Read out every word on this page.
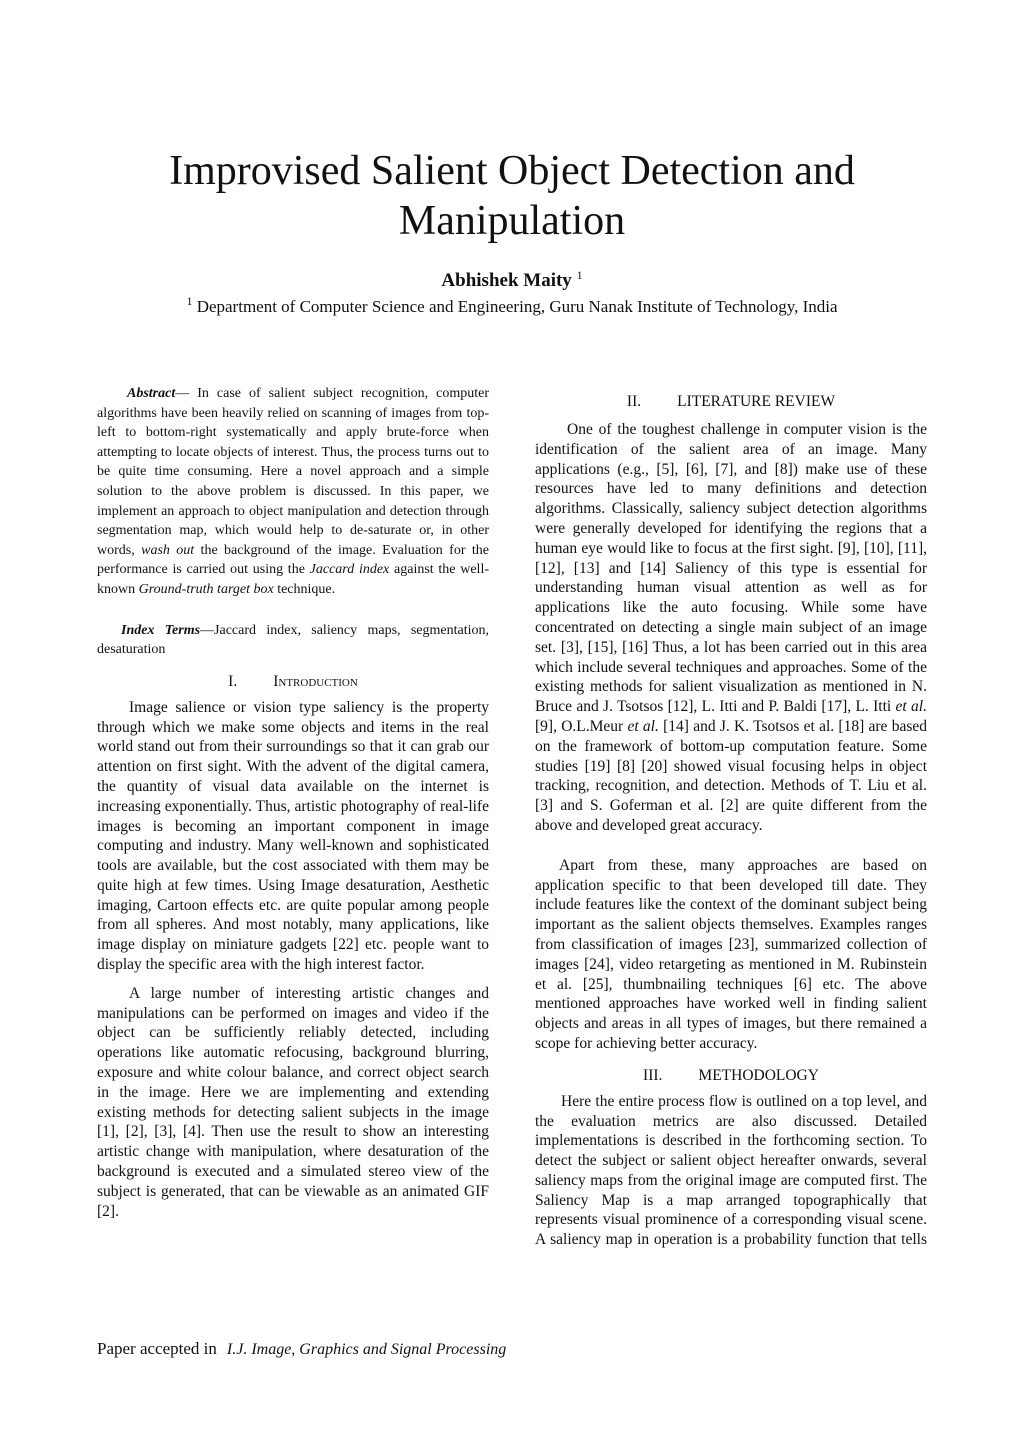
Improvised Salient Object Detection and Manipulation
Abhishek Maity $^1$
$^1$ Department of Computer Science and Engineering, Guru Nanak Institute of Technology, India

Abstract— In case of salient subject recognition, computer algorithms have been heavily relied on scanning of images from top-left to bottom-right systematically and apply brute-force when attempting to locate objects of interest. Thus, the process turns out to be quite time consuming. Here a novel approach and a simple solution to the above problem is discussed. In this paper, we implement an approach to object manipulation and detection through segmentation map, which would help to de-saturate or, in other words, wash out the background of the image. Evaluation for the performance is carried out using the Jaccard index against the well-known Ground-truth target box technique.

Index Terms—Jaccard index, saliency maps, segmentation, desaturation

I. Introduction

Image salience or vision type saliency is the property through which we make some objects and items in the real world stand out from their surroundings so that it can grab our attention on first sight. With the advent of the digital camera, the quantity of visual data available on the internet is increasing exponentially. Thus, artistic photography of real-life images is becoming an important component in image computing and industry. Many well-known and sophisticated tools are available, but the cost associated with them may be quite high at few times. Using Image desaturation, Aesthetic imaging, Cartoon effects etc. are quite popular among people from all spheres. And most notably, many applications, like image display on miniature gadgets [22] etc. people want to display the specific area with the high interest factor.

A large number of interesting artistic changes and manipulations can be performed on images and video if the object can be sufficiently reliably detected, including operations like automatic refocusing, background blurring, exposure and white colour balance, and correct object search in the image. Here we are implementing and extending existing methods for detecting salient subjects in the image [1], [2], [3], [4]. Then use the result to show an interesting artistic change with manipulation, where desaturation of the background is executed and a simulated stereo view of the subject is generated, that can be viewable as an animated GIF [2].

II. LITERATURE REVIEW

One of the toughest challenge in computer vision is the identification of the salient area of an image. Many applications (e.g., [5], [6], [7], and [8]) make use of these resources have led to many definitions and detection algorithms. Classically, saliency subject detection algorithms were generally developed for identifying the regions that a human eye would like to focus at the first sight. [9], [10], [11], [12], [13] and [14] Saliency of this type is essential for understanding human visual attention as well as for applications like the auto focusing. While some have concentrated on detecting a single main subject of an image set. [3], [15], [16] Thus, a lot has been carried out in this area which include several techniques and approaches. Some of the existing methods for salient visualization as mentioned in N. Bruce and J. Tsotsos [12], L. Itti and P. Baldi [17], L. Itti et al. [9], O.L.Meur et al. [14] and J. K. Tsotsos et al. [18] are based on the framework of bottom-up computation feature. Some studies [19] [8] [20] showed visual focusing helps in object tracking, recognition, and detection. Methods of T. Liu et al. [3] and S. Goferman et al. [2] are quite different from the above and developed great accuracy.

Apart from these, many approaches are based on application specific to that been developed till date. They include features like the context of the dominant subject being important as the salient objects themselves. Examples ranges from classification of images [23], summarized collection of images [24], video retargeting as mentioned in M. Rubinstein et al. [25], thumbnailing techniques [6] etc. The above mentioned approaches have worked well in finding salient objects and areas in all types of images, but there remained a scope for achieving better accuracy.

III. METHODOLOGY

Here the entire process flow is outlined on a top level, and the evaluation metrics are also discussed. Detailed implementations is described in the forthcoming section. To detect the subject or salient object hereafter onwards, several saliency maps from the original image are computed first. The Saliency Map is a map arranged topographically that represents visual prominence of a corresponding visual scene. A saliency map in operation is a probability function that tells

Paper accepted in I.J. Image, Graphics and Signal Processing
